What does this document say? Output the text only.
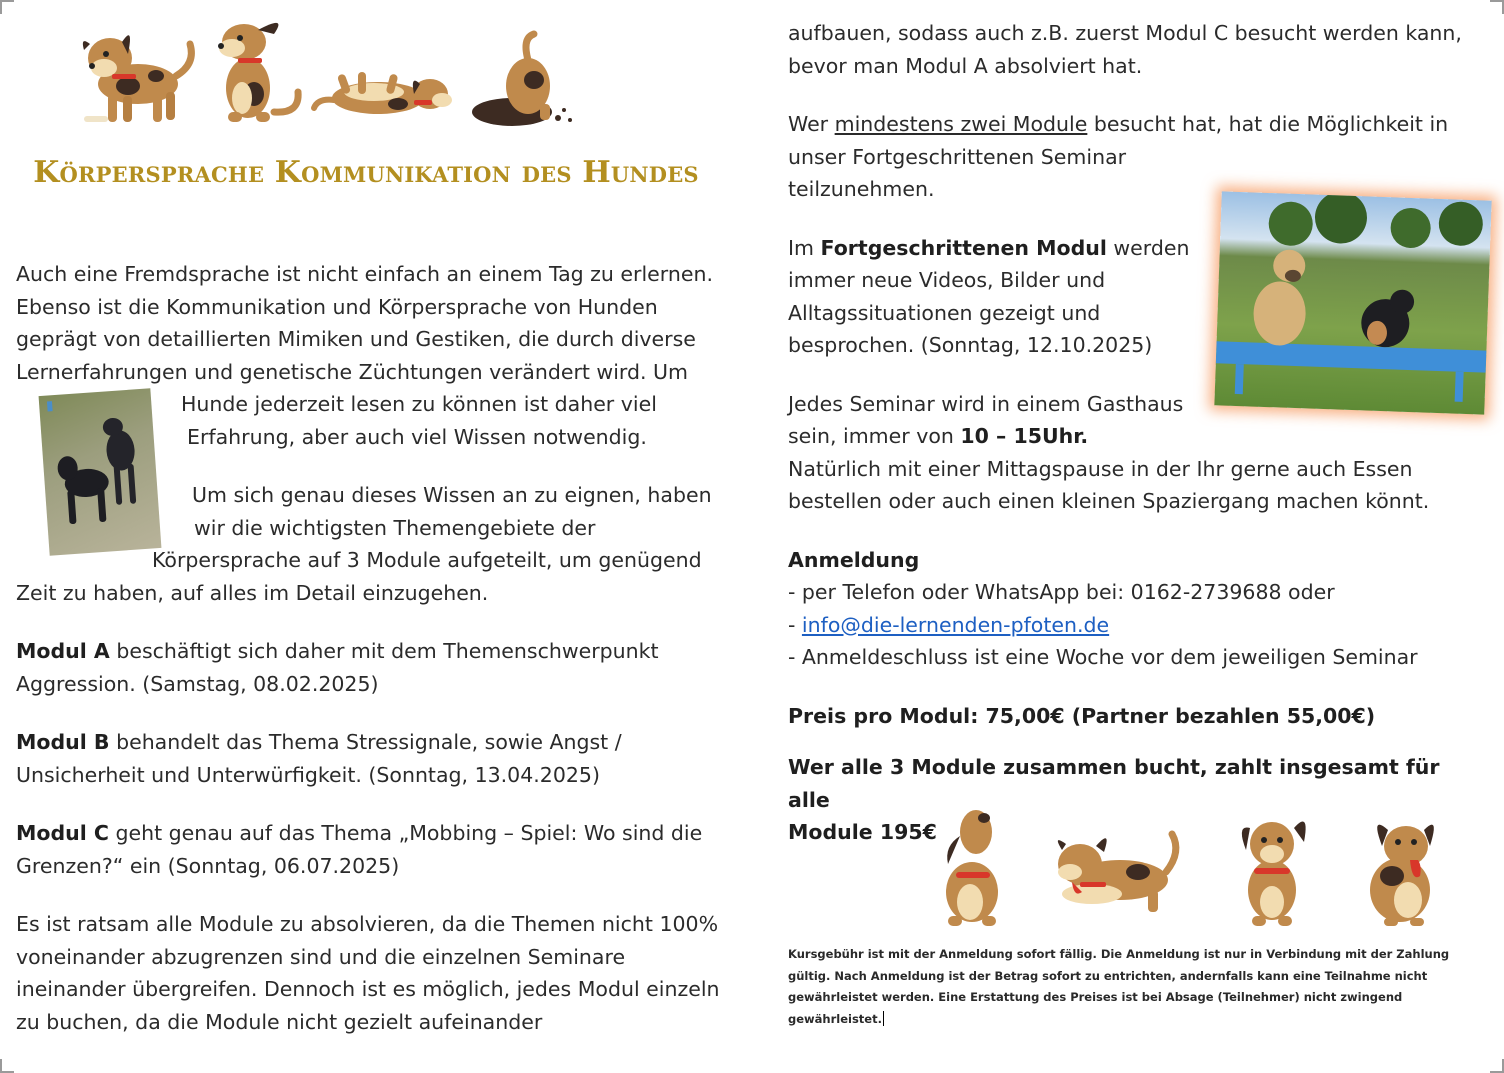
Körpersprache Kommunikation des Hundes

Auch eine Fremdsprache ist nicht einfach an einem Tag zu erlernen. Ebenso ist die Kommunikation und Körpersprache von Hunden geprägt von detaillierten Mimiken und Gestiken, die durch diverse Lernerfahrungen und genetische Züchtungen verändert wird. Um

Hunde jederzeit lesen zu können ist daher viel

Erfahrung, aber auch viel Wissen notwendig.

Um sich genau dieses Wissen an zu eignen, haben

wir die wichtigsten Themengebiete der

Körpersprache auf 3 Module aufgeteilt, um genügend

Zeit zu haben, auf alles im Detail einzugehen.

Modul A beschäftigt sich daher mit dem Themenschwerpunkt Aggression. (Samstag, 08.02.2025)

Modul B behandelt das Thema Stressignale, sowie Angst / Unsicherheit und Unterwürfigkeit. (Sonntag, 13.04.2025)

Modul C geht genau auf das Thema „Mobbing – Spiel: Wo sind die Grenzen?“ ein (Sonntag, 06.07.2025)

Es ist ratsam alle Module zu absolvieren, da die Themen nicht 100% voneinander abzugrenzen sind und die einzelnen Seminare ineinander übergreifen. Dennoch ist es möglich, jedes Modul einzeln zu buchen, da die Module nicht gezielt aufeinander

aufbauen, sodass auch z.B. zuerst Modul C besucht werden kann, bevor man Modul A absolviert hat.

Wer mindestens zwei Module besucht hat, hat die Möglichkeit in

unser Fortgeschrittenen Seminar

teilzunehmen.

Im Fortgeschrittenen Modul werden

immer neue Videos, Bilder und

Alltagssituationen gezeigt und

besprochen. (Sonntag, 12.10.2025)

Jedes Seminar wird in einem Gasthaus

sein, immer von 10 – 15Uhr.

Natürlich mit einer Mittagspause in der Ihr gerne auch Essen bestellen oder auch einen kleinen Spaziergang machen könnt.

Anmeldung

- per Telefon oder WhatsApp bei: 0162-2739688 oder

- info@die-lernenden-pfoten.de

- Anmeldeschluss ist eine Woche vor dem jeweiligen Seminar

Preis pro Modul: 75,00€ (Partner bezahlen 55,00€)

Wer alle 3 Module zusammen bucht, zahlt insgesamt für alle

Module 195€

Kursgebühr ist mit der Anmeldung sofort fällig. Die Anmeldung ist nur in Verbindung mit der Zahlung gültig. Nach Anmeldung ist der Betrag sofort zu entrichten, andernfalls kann eine Teilnahme nicht gewährleistet werden. Eine Erstattung des Preises ist bei Absage (Teilnehmer) nicht zwingend gewährleistet.
